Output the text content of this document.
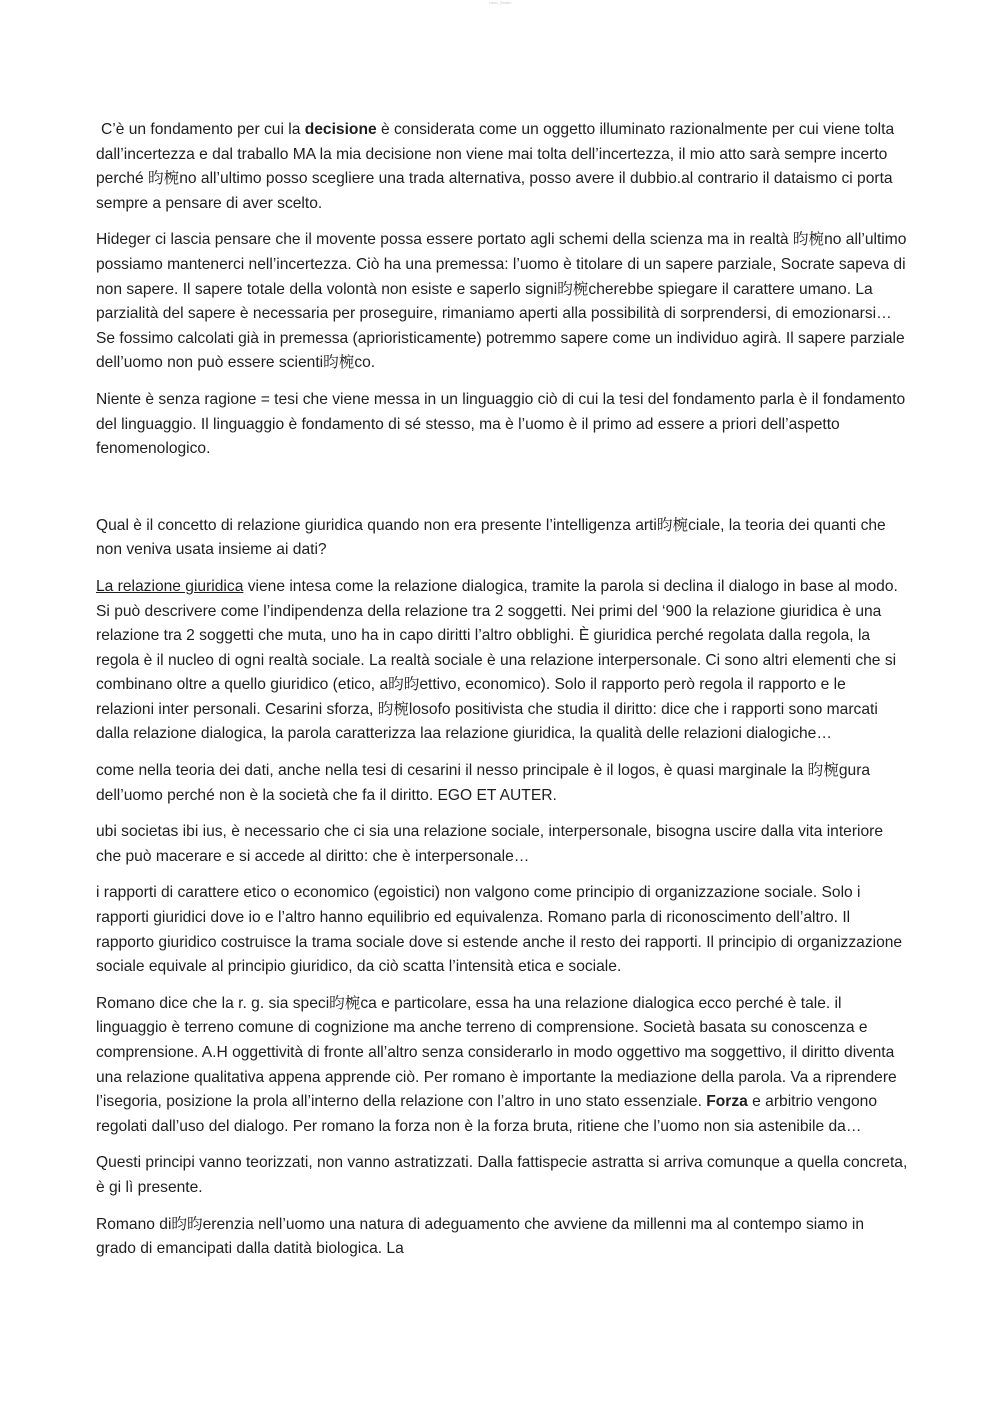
Leon_Studio

C’è un fondamento per cui la decisione è considerata come un oggetto illuminato razionalmente per cui viene tolta dall’incertezza e dal traballo MA la mia decisione non viene mai tolta dell’incertezza, il mio atto sarà sempre incerto perché 昀椀no all’ultimo posso scegliere una trada alternativa, posso avere il dubbio.al contrario il dataismo ci porta sempre a pensare di aver scelto.

Hideger ci lascia pensare che il movente possa essere portato agli schemi della scienza ma in realtà 昀椀no all’ultimo possiamo mantenerci nell’incertezza. Ciò ha una premessa: l’uomo è titolare di un sapere parziale, Socrate sapeva di non sapere. Il sapere totale della volontà non esiste e saperlo signi昀椀cherebbe spiegare il carattere umano. La parzialità del sapere è necessaria per proseguire, rimaniamo aperti alla possibilità di sorprendersi, di emozionarsi… Se fossimo calcolati già in premessa (aprioristicamente) potremmo sapere come un individuo agirà. Il sapere parziale dell’uomo non può essere scienti昀椀co.

Niente è senza ragione = tesi che viene messa in un linguaggio ciò di cui la tesi del fondamento parla è il fondamento del linguaggio. Il linguaggio è fondamento di sé stesso, ma è l’uomo è il primo ad essere a priori dell’aspetto fenomenologico.

Qual è il concetto di relazione giuridica quando non era presente l’intelligenza arti昀椀ciale, la teoria dei quanti che non veniva usata insieme ai dati?

La relazione giuridica viene intesa come la relazione dialogica, tramite la parola si declina il dialogo in base al modo. Si può descrivere come l’indipendenza della relazione tra 2 soggetti. Nei primi del ‘900 la relazione giuridica è una relazione tra 2 soggetti che muta, uno ha in capo diritti l’altro obblighi. È giuridica perché regolata dalla regola, la regola è il nucleo di ogni realtà sociale. La realtà sociale è una relazione interpersonale. Ci sono altri elementi che si combinano oltre a quello giuridico (etico, a昀昀ettivo, economico). Solo il rapporto però regola il rapporto e le relazioni inter personali. Cesarini sforza, 昀椀losofo positivista che studia il diritto: dice che i rapporti sono marcati dalla relazione dialogica, la parola caratterizza laa relazione giuridica, la qualità delle relazioni dialogiche…

come nella teoria dei dati, anche nella tesi di cesarini il nesso principale è il logos, è quasi marginale la 昀椀gura dell’uomo perché non è la società che fa il diritto. EGO ET AUTER.

ubi societas ibi ius, è necessario che ci sia una relazione sociale, interpersonale, bisogna uscire dalla vita interiore che può macerare e si accede al diritto: che è interpersonale…

i rapporti di carattere etico o economico (egoistici) non valgono come principio di organizzazione sociale. Solo i rapporti giuridici dove io e l’altro hanno equilibrio ed equivalenza. Romano parla di riconoscimento dell’altro. Il rapporto giuridico costruisce la trama sociale dove si estende anche il resto dei rapporti. Il principio di organizzazione sociale equivale al principio giuridico, da ciò scatta l’intensità etica e sociale.

Romano dice che la r. g. sia speci昀椀ca e particolare, essa ha una relazione dialogica ecco perché è tale. il linguaggio è terreno comune di cognizione ma anche terreno di comprensione. Società basata su conoscenza e comprensione. A.H oggettività di fronte all’altro senza considerarlo in modo oggettivo ma soggettivo, il diritto diventa una relazione qualitativa appena apprende ciò. Per romano è importante la mediazione della parola. Va a riprendere l’isegoria, posizione la prola all’interno della relazione con l’altro in uno stato essenziale. Forza e arbitrio vengono regolati dall’uso del dialogo. Per romano la forza non è la forza bruta, ritiene che l’uomo non sia astenibile da…

Questi principi vanno teorizzati, non vanno astratizzati. Dalla fattispecie astratta si arriva comunque a quella concreta, è gi lì presente.

Romano di昀昀erenzia nell’uomo una natura di adeguamento che avviene da millenni ma al contempo siamo in grado di emancipati dalla datità biologica. La
